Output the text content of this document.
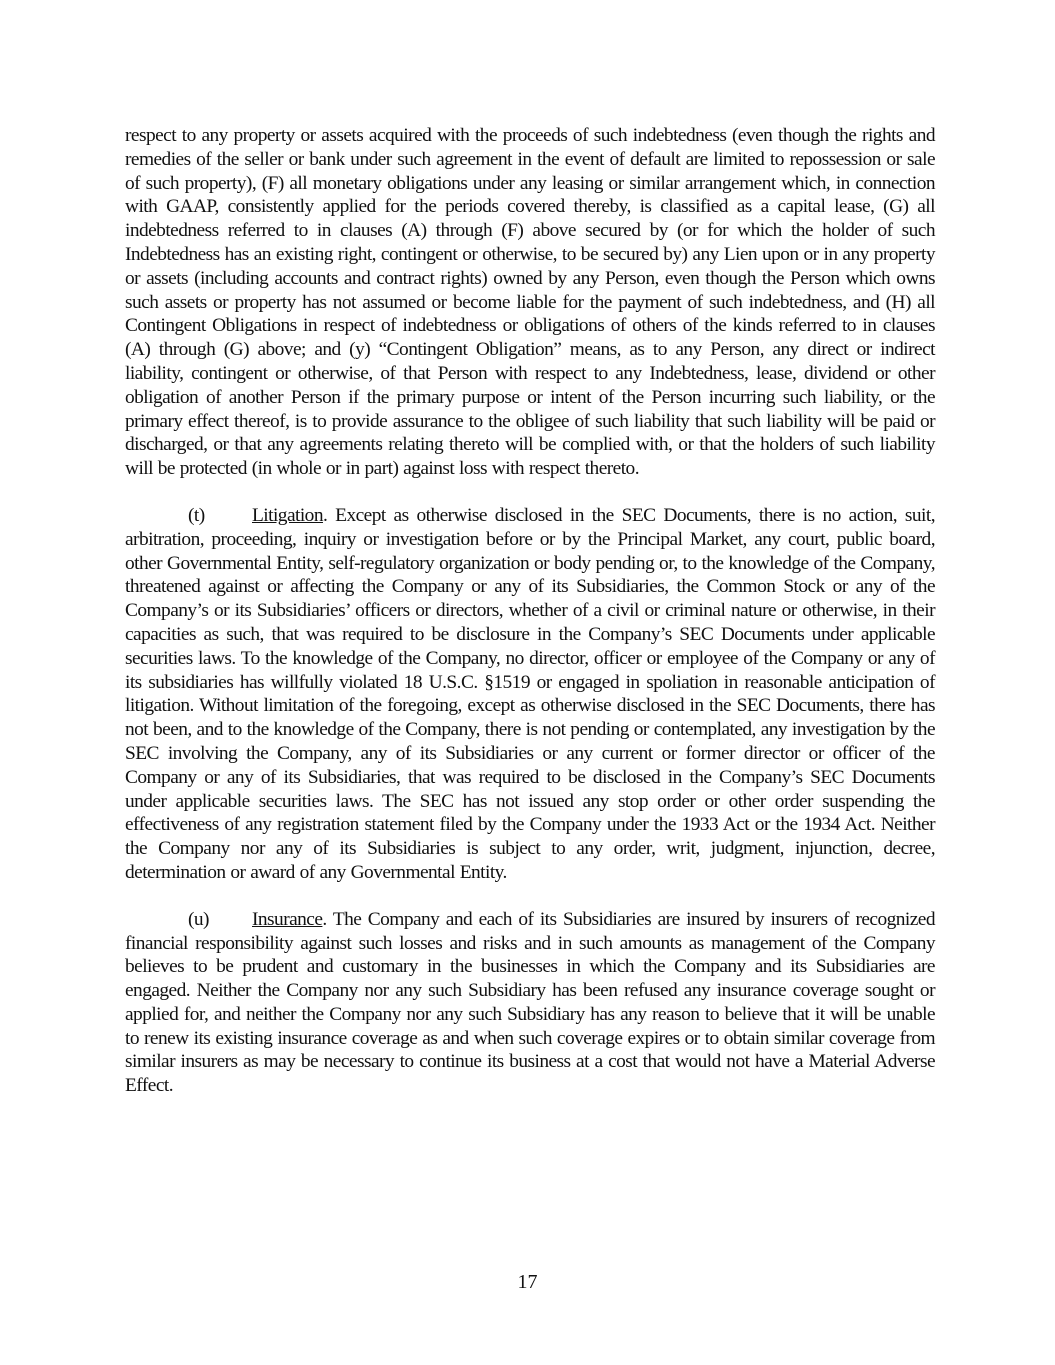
respect to any property or assets acquired with the proceeds of such indebtedness (even though the rights and remedies of the seller or bank under such agreement in the event of default are limited to repossession or sale of such property), (F) all monetary obligations under any leasing or similar arrangement which, in connection with GAAP, consistently applied for the periods covered thereby, is classified as a capital lease, (G) all indebtedness referred to in clauses (A) through (F) above secured by (or for which the holder of such Indebtedness has an existing right, contingent or otherwise, to be secured by) any Lien upon or in any property or assets (including accounts and contract rights) owned by any Person, even though the Person which owns such assets or property has not assumed or become liable for the payment of such indebtedness, and (H) all Contingent Obligations in respect of indebtedness or obligations of others of the kinds referred to in clauses (A) through (G) above; and (y) “Contingent Obligation” means, as to any Person, any direct or indirect liability, contingent or otherwise, of that Person with respect to any Indebtedness, lease, dividend or other obligation of another Person if the primary purpose or intent of the Person incurring such liability, or the primary effect thereof, is to provide assurance to the obligee of such liability that such liability will be paid or discharged, or that any agreements relating thereto will be complied with, or that the holders of such liability will be protected (in whole or in part) against loss with respect thereto.

(t) Litigation. Except as otherwise disclosed in the SEC Documents, there is no action, suit, arbitration, proceeding, inquiry or investigation before or by the Principal Market, any court, public board, other Governmental Entity, self-regulatory organization or body pending or, to the knowledge of the Company, threatened against or affecting the Company or any of its Subsidiaries, the Common Stock or any of the Company’s or its Subsidiaries’ officers or directors, whether of a civil or criminal nature or otherwise, in their capacities as such, that was required to be disclosure in the Company’s SEC Documents under applicable securities laws. To the knowledge of the Company, no director, officer or employee of the Company or any of its subsidiaries has willfully violated 18 U.S.C. §1519 or engaged in spoliation in reasonable anticipation of litigation. Without limitation of the foregoing, except as otherwise disclosed in the SEC Documents, there has not been, and to the knowledge of the Company, there is not pending or contemplated, any investigation by the SEC involving the Company, any of its Subsidiaries or any current or former director or officer of the Company or any of its Subsidiaries, that was required to be disclosed in the Company’s SEC Documents under applicable securities laws. The SEC has not issued any stop order or other order suspending the effectiveness of any registration statement filed by the Company under the 1933 Act or the 1934 Act. Neither the Company nor any of its Subsidiaries is subject to any order, writ, judgment, injunction, decree, determination or award of any Governmental Entity.

(u) Insurance. The Company and each of its Subsidiaries are insured by insurers of recognized financial responsibility against such losses and risks and in such amounts as management of the Company believes to be prudent and customary in the businesses in which the Company and its Subsidiaries are engaged. Neither the Company nor any such Subsidiary has been refused any insurance coverage sought or applied for, and neither the Company nor any such Subsidiary has any reason to believe that it will be unable to renew its existing insurance coverage as and when such coverage expires or to obtain similar coverage from similar insurers as may be necessary to continue its business at a cost that would not have a Material Adverse Effect.

17
